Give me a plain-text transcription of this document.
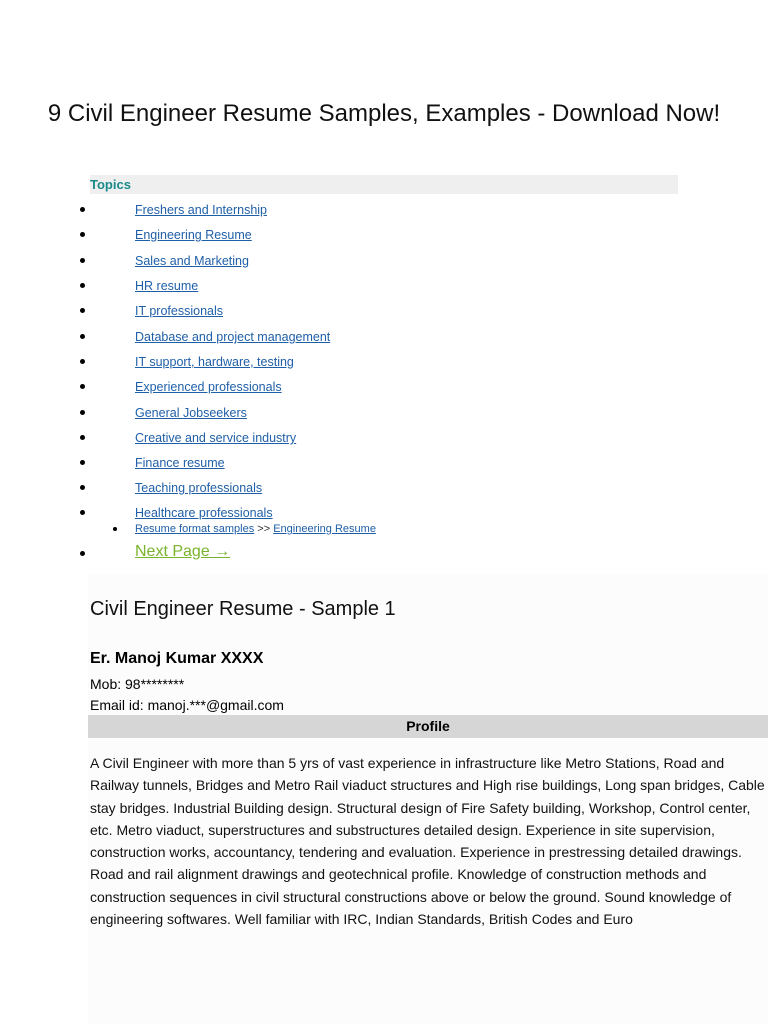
9 Civil Engineer Resume Samples, Examples - Download Now!
Topics
Freshers and Internship
Engineering Resume
Sales and Marketing
HR resume
IT professionals
Database and project management
IT support, hardware, testing
Experienced professionals
General Jobseekers
Creative and service industry
Finance resume
Teaching professionals
Healthcare professionals
Resume format samples >> Engineering Resume
Next Page →
Civil Engineer Resume - Sample 1
Er. Manoj Kumar XXXX
Mob: 98********
Email id: manoj.***@gmail.com
Profile
A Civil Engineer with more than 5 yrs of vast experience in infrastructure like Metro Stations, Road and Railway tunnels, Bridges and Metro Rail viaduct structures and High rise buildings, Long span bridges, Cable stay bridges. Industrial Building design. Structural design of Fire Safety building, Workshop, Control center, etc. Metro viaduct, superstructures and substructures detailed design. Experience in site supervision, construction works, accountancy, tendering and evaluation. Experience in prestressing detailed drawings. Road and rail alignment drawings and geotechnical profile. Knowledge of construction methods and construction sequences in civil structural constructions above or below the ground. Sound knowledge of engineering softwares. Well familiar with IRC, Indian Standards, British Codes and Euro
